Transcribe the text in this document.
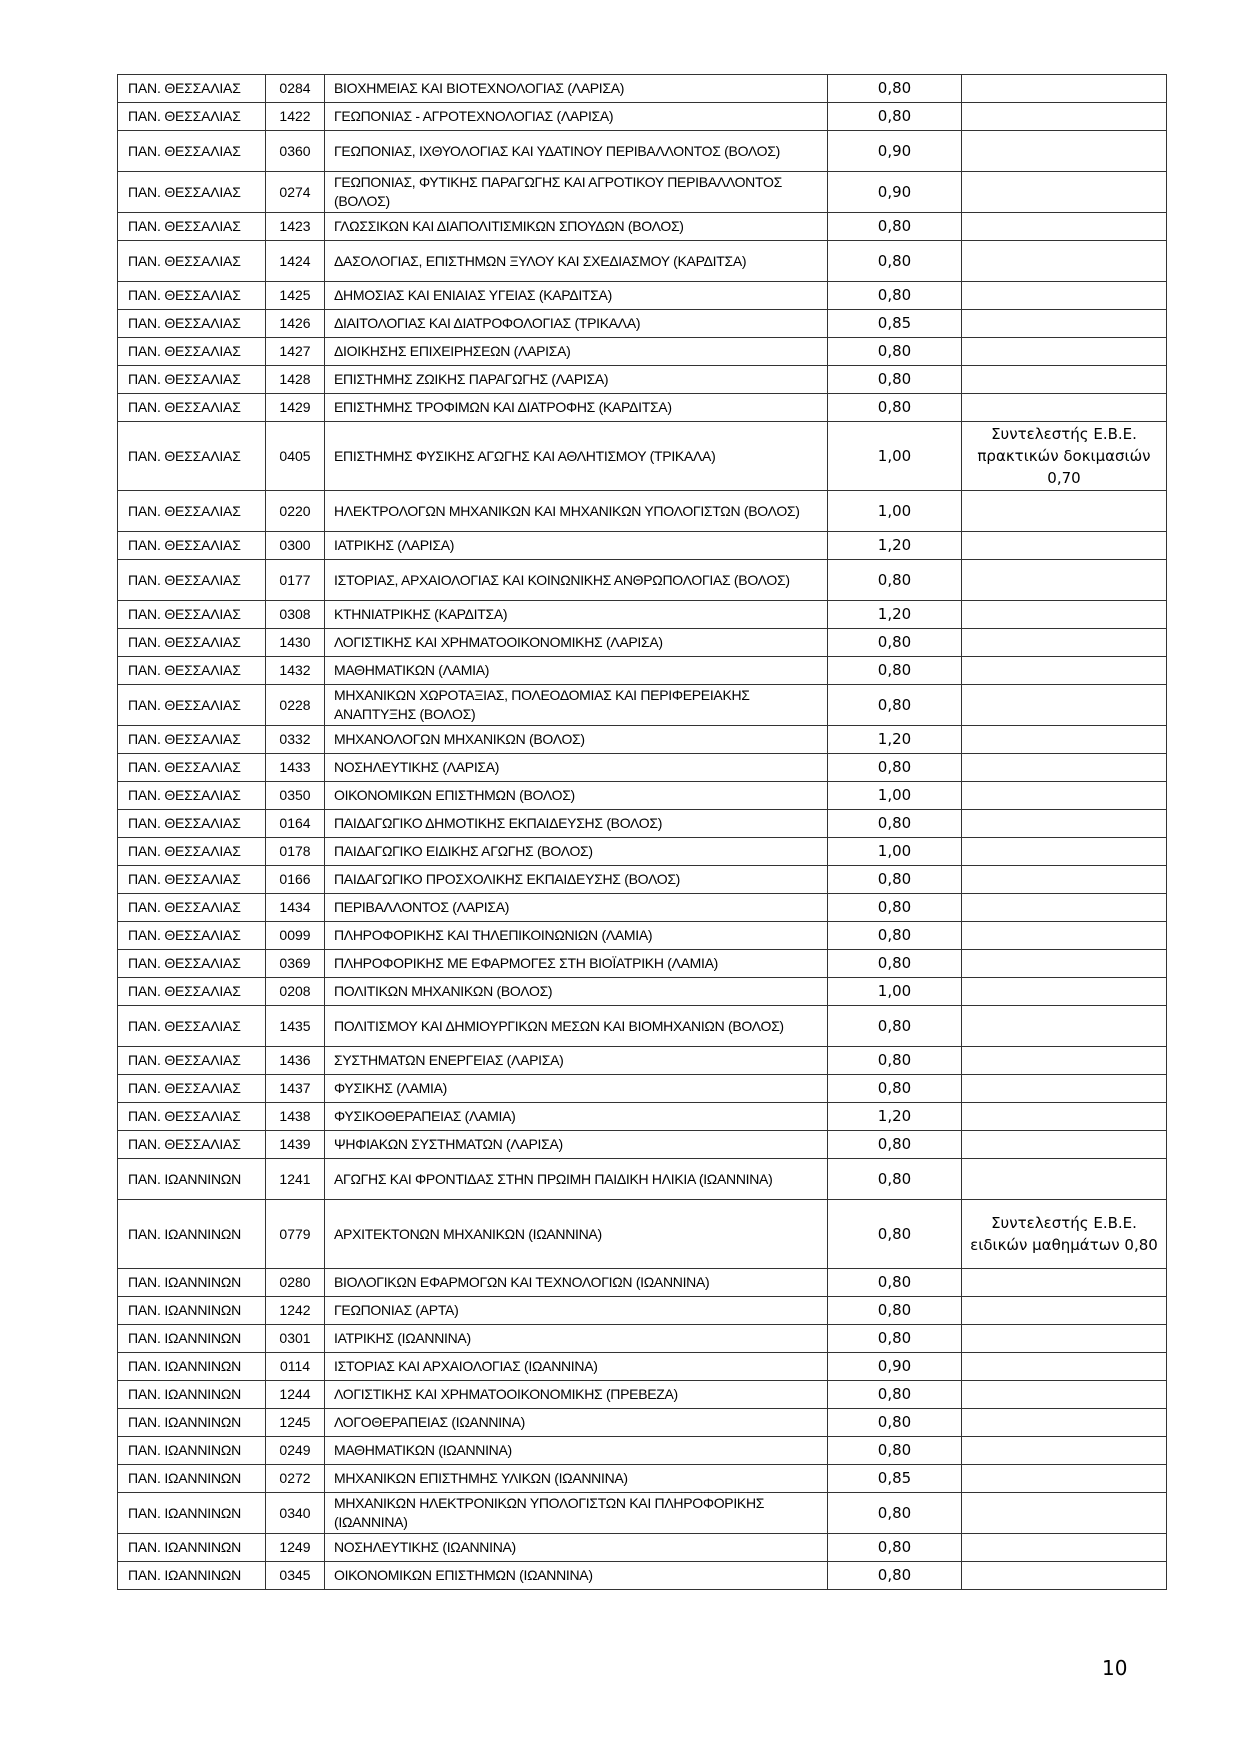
ΠΑΝ. ΘΕΣΣΑΛΙΑΣ	0284	ΒΙΟΧΗΜΕΙΑΣ ΚΑΙ ΒΙΟΤΕΧΝΟΛΟΓΙΑΣ (ΛΑΡΙΣΑ)	0,80	
ΠΑΝ. ΘΕΣΣΑΛΙΑΣ	1422	ΓΕΩΠΟΝΙΑΣ - ΑΓΡΟΤΕΧΝΟΛΟΓΙΑΣ (ΛΑΡΙΣΑ)	0,80	
ΠΑΝ. ΘΕΣΣΑΛΙΑΣ	0360	ΓΕΩΠΟΝΙΑΣ, ΙΧΘΥΟΛΟΓΙΑΣ ΚΑΙ ΥΔΑΤΙΝΟΥ ΠΕΡΙΒΑΛΛΟΝΤΟΣ (ΒΟΛΟΣ)	0,90	
ΠΑΝ. ΘΕΣΣΑΛΙΑΣ	0274	ΓΕΩΠΟΝΙΑΣ, ΦΥΤΙΚΗΣ ΠΑΡΑΓΩΓΗΣ ΚΑΙ ΑΓΡΟΤΙΚΟΥ ΠΕΡΙΒΑΛΛΟΝΤΟΣ (ΒΟΛΟΣ)	0,90	
ΠΑΝ. ΘΕΣΣΑΛΙΑΣ	1423	ΓΛΩΣΣΙΚΩΝ ΚΑΙ ΔΙΑΠΟΛΙΤΙΣΜΙΚΩΝ ΣΠΟΥΔΩΝ (ΒΟΛΟΣ)	0,80	
ΠΑΝ. ΘΕΣΣΑΛΙΑΣ	1424	ΔΑΣΟΛΟΓΙΑΣ, ΕΠΙΣΤΗΜΩΝ ΞΥΛΟΥ ΚΑΙ ΣΧΕΔΙΑΣΜΟΥ (ΚΑΡΔΙΤΣΑ)	0,80	
ΠΑΝ. ΘΕΣΣΑΛΙΑΣ	1425	ΔΗΜΟΣΙΑΣ ΚΑΙ ΕΝΙΑΙΑΣ ΥΓΕΙΑΣ (ΚΑΡΔΙΤΣΑ)	0,80	
ΠΑΝ. ΘΕΣΣΑΛΙΑΣ	1426	ΔΙΑΙΤΟΛΟΓΙΑΣ ΚΑΙ ΔΙΑΤΡΟΦΟΛΟΓΙΑΣ (ΤΡΙΚΑΛΑ)	0,85	
ΠΑΝ. ΘΕΣΣΑΛΙΑΣ	1427	ΔΙΟΙΚΗΣΗΣ ΕΠΙΧΕΙΡΗΣΕΩΝ (ΛΑΡΙΣΑ)	0,80	
ΠΑΝ. ΘΕΣΣΑΛΙΑΣ	1428	ΕΠΙΣΤΗΜΗΣ ΖΩΙΚΗΣ ΠΑΡΑΓΩΓΗΣ (ΛΑΡΙΣΑ)	0,80	
ΠΑΝ. ΘΕΣΣΑΛΙΑΣ	1429	ΕΠΙΣΤΗΜΗΣ ΤΡΟΦΙΜΩΝ ΚΑΙ ΔΙΑΤΡΟΦΗΣ (ΚΑΡΔΙΤΣΑ)	0,80	
ΠΑΝ. ΘΕΣΣΑΛΙΑΣ	0405	ΕΠΙΣΤΗΜΗΣ ΦΥΣΙΚΗΣ ΑΓΩΓΗΣ ΚΑΙ ΑΘΛΗΤΙΣΜΟΥ (ΤΡΙΚΑΛΑ)	1,00	Συντελεστής Ε.Β.Ε. πρακτικών δοκιμασιών 0,70
ΠΑΝ. ΘΕΣΣΑΛΙΑΣ	0220	ΗΛΕΚΤΡΟΛΟΓΩΝ ΜΗΧΑΝΙΚΩΝ ΚΑΙ ΜΗΧΑΝΙΚΩΝ ΥΠΟΛΟΓΙΣΤΩΝ (ΒΟΛΟΣ)	1,00	
ΠΑΝ. ΘΕΣΣΑΛΙΑΣ	0300	ΙΑΤΡΙΚΗΣ (ΛΑΡΙΣΑ)	1,20	
ΠΑΝ. ΘΕΣΣΑΛΙΑΣ	0177	ΙΣΤΟΡΙΑΣ, ΑΡΧΑΙΟΛΟΓΙΑΣ ΚΑΙ ΚΟΙΝΩΝΙΚΗΣ ΑΝΘΡΩΠΟΛΟΓΙΑΣ (ΒΟΛΟΣ)	0,80	
ΠΑΝ. ΘΕΣΣΑΛΙΑΣ	0308	ΚΤΗΝΙΑΤΡΙΚΗΣ (ΚΑΡΔΙΤΣΑ)	1,20	
ΠΑΝ. ΘΕΣΣΑΛΙΑΣ	1430	ΛΟΓΙΣΤΙΚΗΣ ΚΑΙ ΧΡΗΜΑΤΟΟΙΚΟΝΟΜΙΚΗΣ (ΛΑΡΙΣΑ)	0,80	
ΠΑΝ. ΘΕΣΣΑΛΙΑΣ	1432	ΜΑΘΗΜΑΤΙΚΩΝ (ΛΑΜΙΑ)	0,80	
ΠΑΝ. ΘΕΣΣΑΛΙΑΣ	0228	ΜΗΧΑΝΙΚΩΝ ΧΩΡΟΤΑΞΙΑΣ, ΠΟΛΕΟΔΟΜΙΑΣ ΚΑΙ ΠΕΡΙΦΕΡΕΙΑΚΗΣ ΑΝΑΠΤΥΞΗΣ (ΒΟΛΟΣ)	0,80	
ΠΑΝ. ΘΕΣΣΑΛΙΑΣ	0332	ΜΗΧΑΝΟΛΟΓΩΝ ΜΗΧΑΝΙΚΩΝ (ΒΟΛΟΣ)	1,20	
ΠΑΝ. ΘΕΣΣΑΛΙΑΣ	1433	ΝΟΣΗΛΕΥΤΙΚΗΣ (ΛΑΡΙΣΑ)	0,80	
ΠΑΝ. ΘΕΣΣΑΛΙΑΣ	0350	ΟΙΚΟΝΟΜΙΚΩΝ ΕΠΙΣΤΗΜΩΝ (ΒΟΛΟΣ)	1,00	
ΠΑΝ. ΘΕΣΣΑΛΙΑΣ	0164	ΠΑΙΔΑΓΩΓΙΚΟ ΔΗΜΟΤΙΚΗΣ ΕΚΠΑΙΔΕΥΣΗΣ (ΒΟΛΟΣ)	0,80	
ΠΑΝ. ΘΕΣΣΑΛΙΑΣ	0178	ΠΑΙΔΑΓΩΓΙΚΟ ΕΙΔΙΚΗΣ ΑΓΩΓΗΣ (ΒΟΛΟΣ)	1,00	
ΠΑΝ. ΘΕΣΣΑΛΙΑΣ	0166	ΠΑΙΔΑΓΩΓΙΚΟ ΠΡΟΣΧΟΛΙΚΗΣ ΕΚΠΑΙΔΕΥΣΗΣ (ΒΟΛΟΣ)	0,80	
ΠΑΝ. ΘΕΣΣΑΛΙΑΣ	1434	ΠΕΡΙΒΑΛΛΟΝΤΟΣ (ΛΑΡΙΣΑ)	0,80	
ΠΑΝ. ΘΕΣΣΑΛΙΑΣ	0099	ΠΛΗΡΟΦΟΡΙΚΗΣ ΚΑΙ ΤΗΛΕΠΙΚΟΙΝΩΝΙΩΝ (ΛΑΜΙΑ)	0,80	
ΠΑΝ. ΘΕΣΣΑΛΙΑΣ	0369	ΠΛΗΡΟΦΟΡΙΚΗΣ ΜΕ ΕΦΑΡΜΟΓΕΣ ΣΤΗ ΒΙΟΪΑΤΡΙΚΗ (ΛΑΜΙΑ)	0,80	
ΠΑΝ. ΘΕΣΣΑΛΙΑΣ	0208	ΠΟΛΙΤΙΚΩΝ ΜΗΧΑΝΙΚΩΝ (ΒΟΛΟΣ)	1,00	
ΠΑΝ. ΘΕΣΣΑΛΙΑΣ	1435	ΠΟΛΙΤΙΣΜΟΥ ΚΑΙ ΔΗΜΙΟΥΡΓΙΚΩΝ ΜΕΣΩΝ ΚΑΙ ΒΙΟΜΗΧΑΝΙΩΝ (ΒΟΛΟΣ)	0,80	
ΠΑΝ. ΘΕΣΣΑΛΙΑΣ	1436	ΣΥΣΤΗΜΑΤΩΝ ΕΝΕΡΓΕΙΑΣ (ΛΑΡΙΣΑ)	0,80	
ΠΑΝ. ΘΕΣΣΑΛΙΑΣ	1437	ΦΥΣΙΚΗΣ (ΛΑΜΙΑ)	0,80	
ΠΑΝ. ΘΕΣΣΑΛΙΑΣ	1438	ΦΥΣΙΚΟΘΕΡΑΠΕΙΑΣ (ΛΑΜΙΑ)	1,20	
ΠΑΝ. ΘΕΣΣΑΛΙΑΣ	1439	ΨΗΦΙΑΚΩΝ ΣΥΣΤΗΜΑΤΩΝ (ΛΑΡΙΣΑ)	0,80	
ΠΑΝ. ΙΩΑΝΝΙΝΩΝ	1241	ΑΓΩΓΗΣ ΚΑΙ ΦΡΟΝΤΙΔΑΣ ΣΤΗΝ ΠΡΩΙΜΗ ΠΑΙΔΙΚΗ ΗΛΙΚΙΑ (ΙΩΑΝΝΙΝΑ)	0,80	
ΠΑΝ. ΙΩΑΝΝΙΝΩΝ	0779	ΑΡΧΙΤΕΚΤΟΝΩΝ ΜΗΧΑΝΙΚΩΝ (ΙΩΑΝΝΙΝΑ)	0,80	Συντελεστής Ε.Β.Ε. ειδικών μαθημάτων 0,80
ΠΑΝ. ΙΩΑΝΝΙΝΩΝ	0280	ΒΙΟΛΟΓΙΚΩΝ ΕΦΑΡΜΟΓΩΝ ΚΑΙ ΤΕΧΝΟΛΟΓΙΩΝ (ΙΩΑΝΝΙΝΑ)	0,80	
ΠΑΝ. ΙΩΑΝΝΙΝΩΝ	1242	ΓΕΩΠΟΝΙΑΣ (ΑΡΤΑ)	0,80	
ΠΑΝ. ΙΩΑΝΝΙΝΩΝ	0301	ΙΑΤΡΙΚΗΣ (ΙΩΑΝΝΙΝΑ)	0,80	
ΠΑΝ. ΙΩΑΝΝΙΝΩΝ	0114	ΙΣΤΟΡΙΑΣ ΚΑΙ ΑΡΧΑΙΟΛΟΓΙΑΣ (ΙΩΑΝΝΙΝΑ)	0,90	
ΠΑΝ. ΙΩΑΝΝΙΝΩΝ	1244	ΛΟΓΙΣΤΙΚΗΣ ΚΑΙ ΧΡΗΜΑΤΟΟΙΚΟΝΟΜΙΚΗΣ (ΠΡΕΒΕΖΑ)	0,80	
ΠΑΝ. ΙΩΑΝΝΙΝΩΝ	1245	ΛΟΓΟΘΕΡΑΠΕΙΑΣ (ΙΩΑΝΝΙΝΑ)	0,80	
ΠΑΝ. ΙΩΑΝΝΙΝΩΝ	0249	ΜΑΘΗΜΑΤΙΚΩΝ (ΙΩΑΝΝΙΝΑ)	0,80	
ΠΑΝ. ΙΩΑΝΝΙΝΩΝ	0272	ΜΗΧΑΝΙΚΩΝ ΕΠΙΣΤΗΜΗΣ ΥΛΙΚΩΝ (ΙΩΑΝΝΙΝΑ)	0,85	
ΠΑΝ. ΙΩΑΝΝΙΝΩΝ	0340	ΜΗΧΑΝΙΚΩΝ ΗΛΕΚΤΡΟΝΙΚΩΝ ΥΠΟΛΟΓΙΣΤΩΝ ΚΑΙ ΠΛΗΡΟΦΟΡΙΚΗΣ (ΙΩΑΝΝΙΝΑ)	0,80	
ΠΑΝ. ΙΩΑΝΝΙΝΩΝ	1249	ΝΟΣΗΛΕΥΤΙΚΗΣ (ΙΩΑΝΝΙΝΑ)	0,80	
ΠΑΝ. ΙΩΑΝΝΙΝΩΝ	0345	ΟΙΚΟΝΟΜΙΚΩΝ ΕΠΙΣΤΗΜΩΝ (ΙΩΑΝΝΙΝΑ)	0,80	
10
